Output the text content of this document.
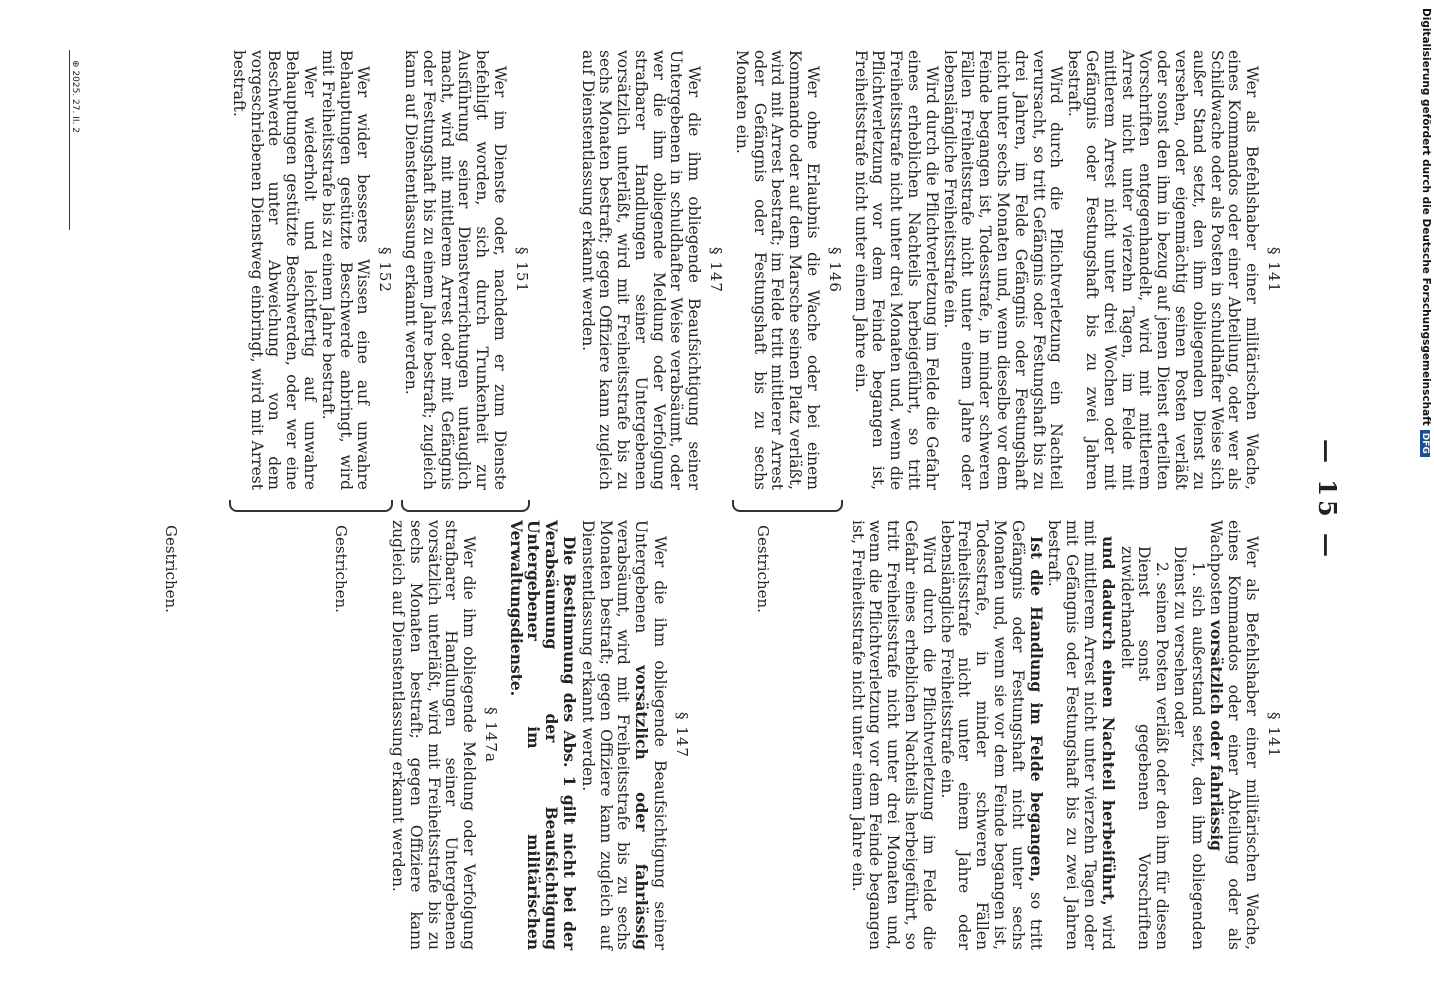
— 15 —
§ 141

Wer als Befehlshaber einer militärischen Wache, eines Kommandos oder einer Abteilung, oder wer als Schildwache oder als Posten in schuldhafter Weise sich außer Stand setzt, den ihm obliegenden Dienst zu versehen, oder eigenmächtig seinen Posten verläßt oder sonst den ihm in bezug auf jenen Dienst erteilten Vorschriften entgegenhandelt, wird mit mittlerem Arrest nicht unter vierzehn Tagen, im Felde mit mittlerem Arrest nicht unter drei Wochen oder mit Gefängnis oder Festungshaft bis zu zwei Jahren bestraft.

Wird durch die Pflichtverletzung ein Nachteil verursacht, so tritt Gefängnis oder Festungshaft bis zu drei Jahren, im Felde Gefängnis oder Festungshaft nicht unter sechs Monaten und, wenn dieselbe vor dem Feinde begangen ist, Todesstrafe, in minder schweren Fällen Freiheitsstrafe nicht unter einem Jahre oder lebenslängliche Freiheitsstrafe ein.

Wird durch die Pflichtverletzung im Felde die Gefahr eines erheblichen Nachteils herbeigeführt, so tritt Freiheitsstrafe nicht unter drei Monaten und, wenn die Pflichtverletzung vor dem Feinde begangen ist, Freiheitsstrafe nicht unter einem Jahre ein.

§ 146

Wer ohne Erlaubnis die Wache oder bei einem Kommando oder auf dem Marsche seinen Platz verläßt, wird mit Arrest bestraft; im Felde tritt mittlerer Arrest oder Gefängnis oder Festungshaft bis zu sechs Monaten ein.

§ 147

Wer die ihm obliegende Beaufsichtigung seiner Untergebenen in schuldhafter Weise verabsäumt, oder wer die ihm obliegende Meldung oder Verfolgung strafbarer Handlungen seiner Untergebenen vorsätzlich unterläßt, wird mit Freiheitsstrafe bis zu sechs Monaten bestraft; gegen Offiziere kann zugleich auf Dienstentlassung erkannt werden.

§ 151

Wer im Dienste oder, nachdem er zum Dienste befehligt worden, sich durch Trunkenheit zur Ausführung seiner Dienstverrichtungen untauglich macht, wird mit mittlerem Arrest oder mit Gefängnis oder Festungshaft bis zu einem Jahre bestraft; zugleich kann auf Dienstentlassung erkannt werden.

§ 152

Wer wider besseres Wissen eine auf unwahre Behauptungen gestützte Beschwerde anbringt, wird mit Freiheitsstrafe bis zu einem Jahre bestraft.

Wer wiederholt und leichtfertig auf unwahre Behauptungen gestützte Beschwerden, oder wer eine Beschwerde unter Abweichung von dem vorgeschriebenen Dienstweg einbringt, wird mit Arrest bestraft.

Gestrichen.
Gestrichen.
Gestrichen.
§ 141

Wer als Befehlshaber einer militärischen Wache, eines Kommandos oder einer Abteilung oder als Wachposten vorsätzlich oder fahrlässig

1. sich außerstand setzt, den ihm obliegenden Dienst zu versehen oder

2. seinen Posten verläßt oder den ihm für diesen Dienst sonst gegebenen Vorschriften zuwiderhandelt

und dadurch einen Nachteil herbeiführt, wird mit mittlerem Arrest nicht unter vierzehn Tagen oder mit Gefängnis oder Festungshaft bis zu zwei Jahren bestraft.

Ist die Handlung im Felde begangen, so tritt Gefängnis oder Festungshaft nicht unter sechs Monaten und, wenn sie vor dem Feinde begangen ist, Todesstrafe, in minder schweren Fällen Freiheitsstrafe nicht unter einem Jahre oder lebenslängliche Freiheitsstrafe ein.

Wird durch die Pflichtverletzung im Felde die Gefahr eines erheblichen Nachteils herbeigeführt, so tritt Freiheitsstrafe nicht unter drei Monaten und, wenn die Pflichtverletzung vor dem Feinde begangen ist, Freiheitsstrafe nicht unter einem Jahre ein.

§ 147

Wer die ihm obliegende Beaufsichtigung seiner Untergebenen vorsätzlich oder fahrlässig verabsäumt, wird mit Freiheitsstrafe bis zu sechs Monaten bestraft; gegen Offiziere kann zugleich auf Dienstentlassung erkannt werden.

Die Bestimmung des Abs. 1 gilt nicht bei der Verabsäumung der Beaufsichtigung Untergebener im militärischen Verwaltungsdienste.

§ 147a

Wer die ihm obliegende Meldung oder Verfolgung strafbarer Handlungen seiner Untergebenen vorsätzlich unterläßt, wird mit Freiheitsstrafe bis zu sechs Monaten bestraft; gegen Offiziere kann zugleich auf Dienstentlassung erkannt werden.

⊕ 2025. 27. II. 2	Digitalisierung gefördert durch die Deutsche ForschungsgemeinschaftDFG
